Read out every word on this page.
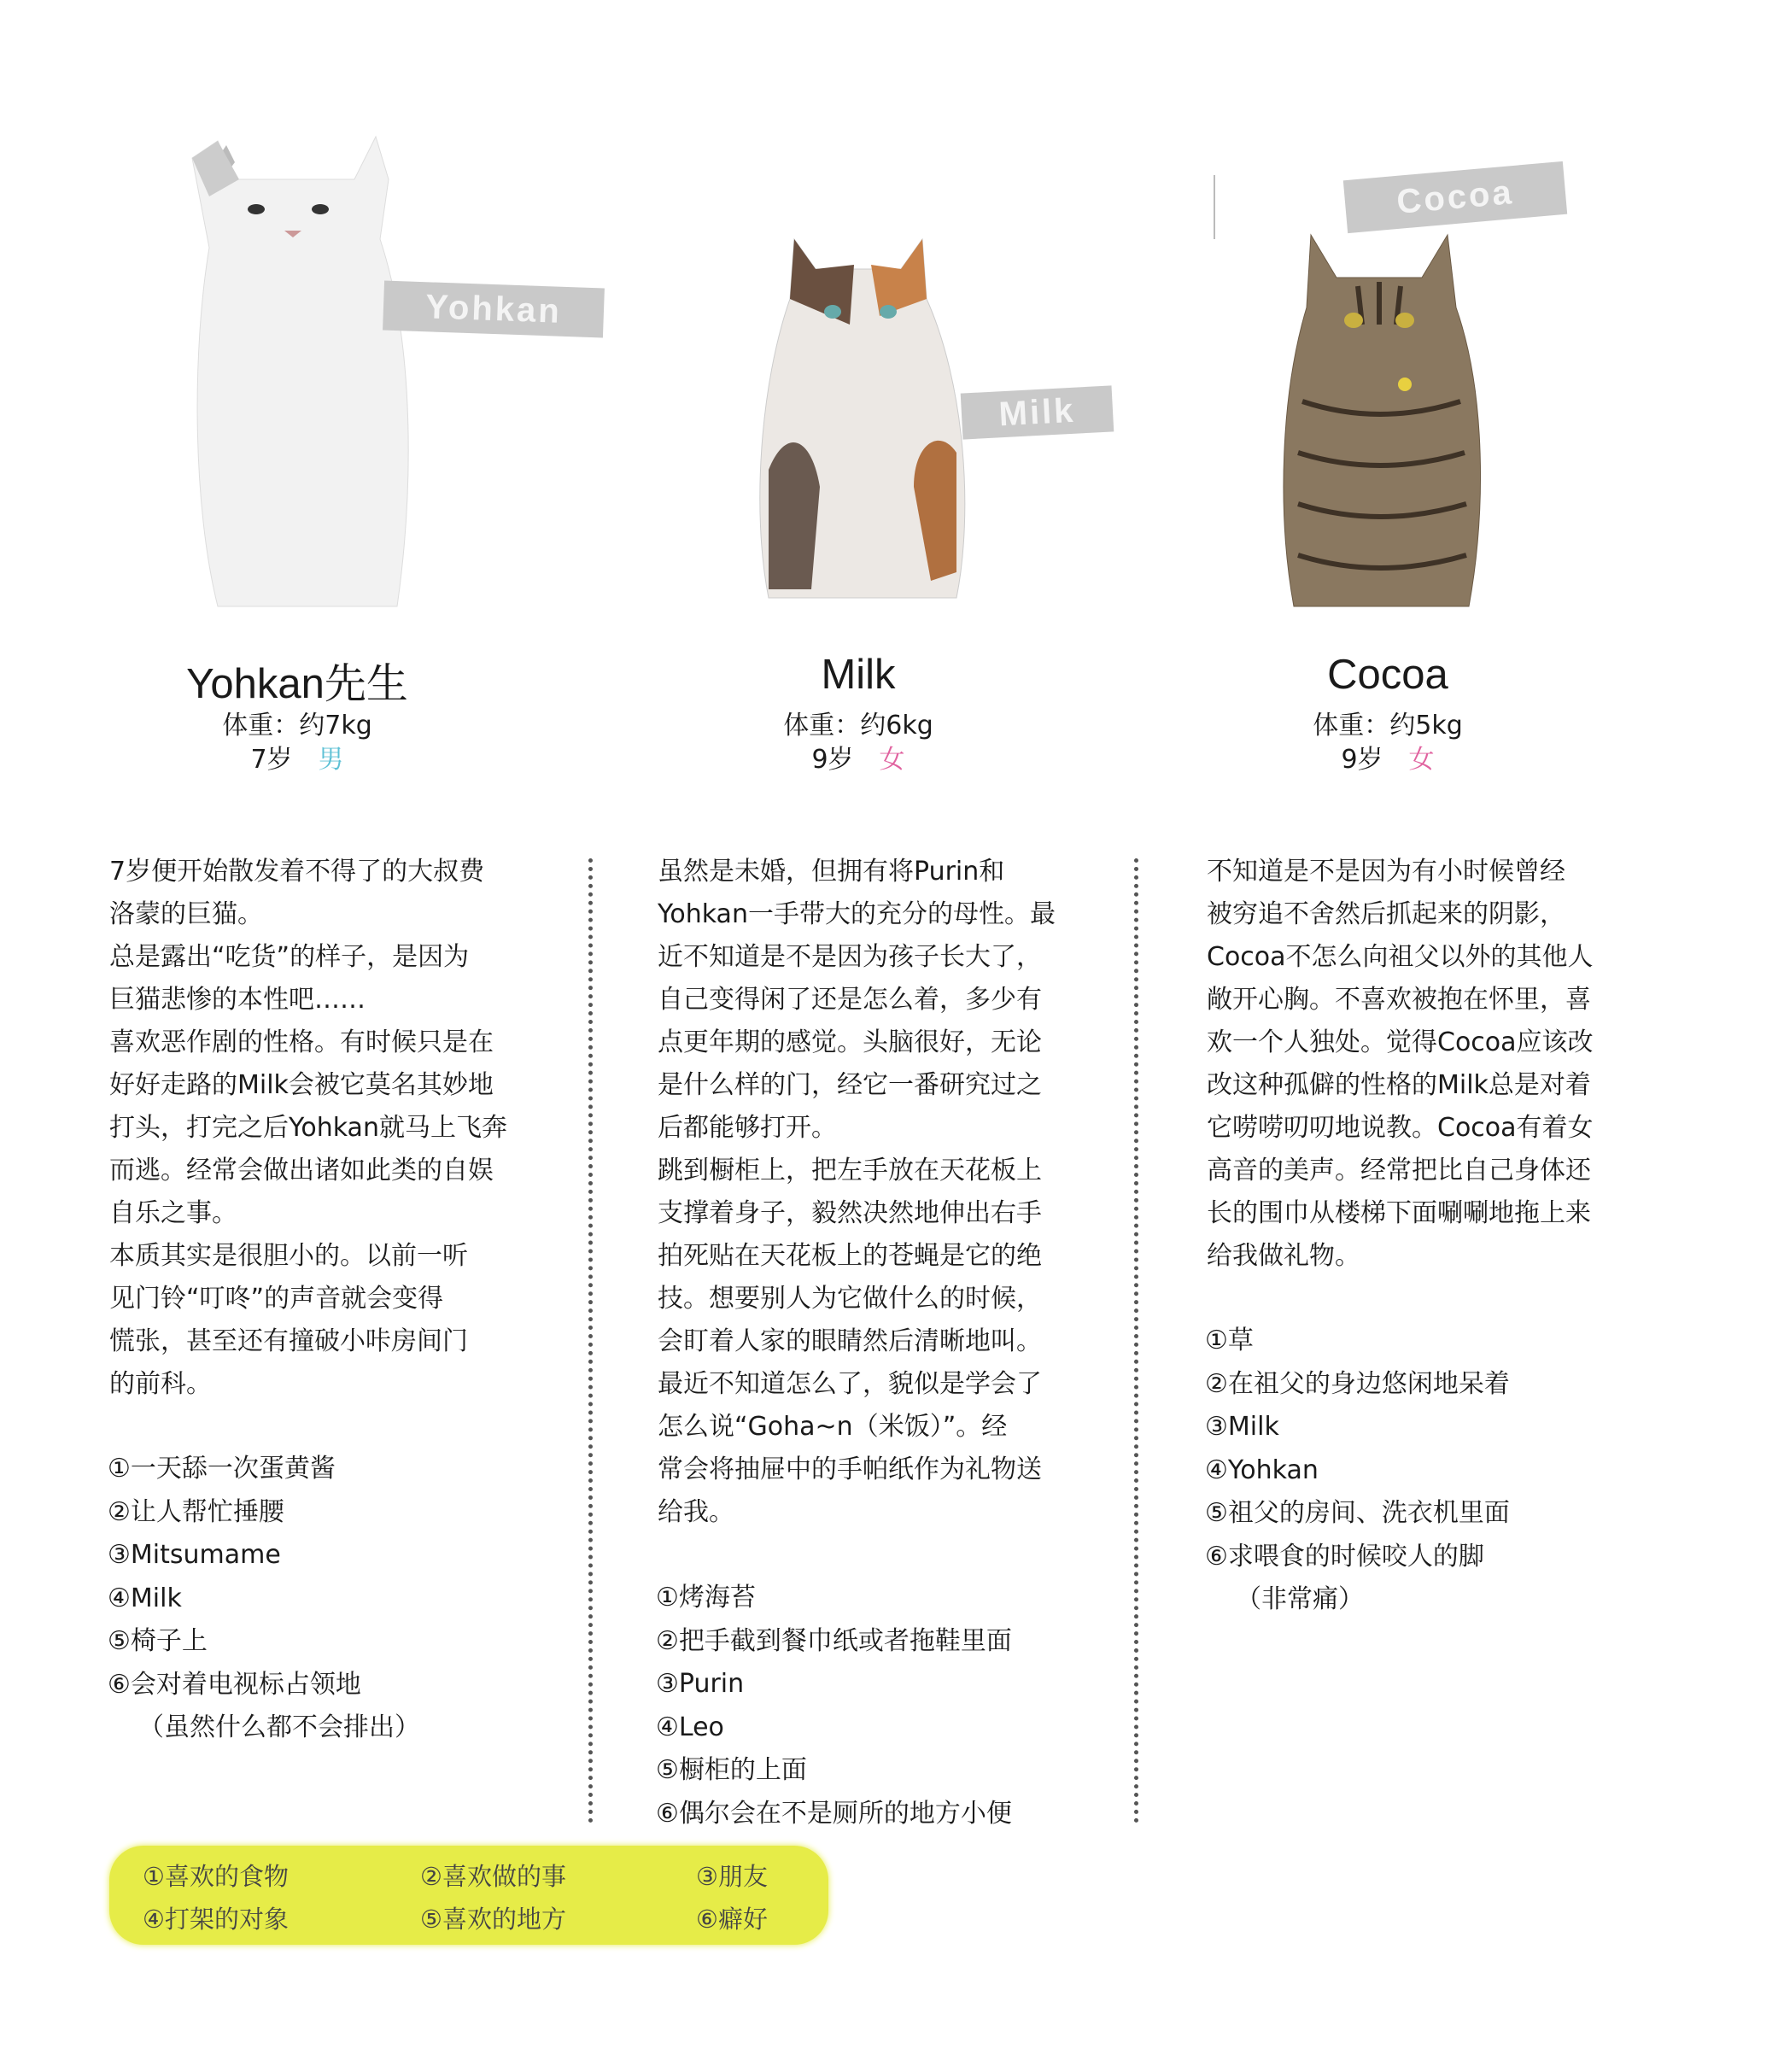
Yohkan
Milk
Cocoa
Yohkan先生	Milk	Cocoa
体重：约7kg
7岁  男
体重：约6kg
9岁  女
体重：约5kg
9岁  女
7岁便开始散发着不得了的大叔费
洛蒙的巨猫。
总是露出“吃货”的样子，是因为
巨猫悲惨的本性吧……
喜欢恶作剧的性格。有时候只是在
好好走路的Milk会被它莫名其妙地
打头，打完之后Yohkan就马上飞奔
而逃。经常会做出诸如此类的自娱
自乐之事。
本质其实是很胆小的。以前一听
见门铃“叮咚”的声音就会变得
慌张，甚至还有撞破小咔房间门
的前科。
虽然是未婚，但拥有将Purin和
Yohkan一手带大的充分的母性。最
近不知道是不是因为孩子长大了，
自己变得闲了还是怎么着，多少有
点更年期的感觉。头脑很好，无论
是什么样的门，经它一番研究过之
后都能够打开。
跳到橱柜上，把左手放在天花板上
支撑着身子，毅然决然地伸出右手
拍死贴在天花板上的苍蝇是它的绝
技。想要别人为它做什么的时候，
会盯着人家的眼睛然后清晰地叫。
最近不知道怎么了，貌似是学会了
怎么说“Goha~n（米饭）”。经
常会将抽屉中的手帕纸作为礼物送
给我。
不知道是不是因为有小时候曾经
被穷追不舍然后抓起来的阴影，
Cocoa不怎么向祖父以外的其他人
敞开心胸。不喜欢被抱在怀里，喜
欢一个人独处。觉得Cocoa应该改
改这种孤僻的性格的Milk总是对着
它唠唠叨叨地说教。Cocoa有着女
高音的美声。经常把比自己身体还
长的围巾从楼梯下面唰唰地拖上来
给我做礼物。
①一天舔一次蛋黄酱
②让人帮忙捶腰
③Mitsumame
④Milk
⑤椅子上
⑥会对着电视标占领地
（虽然什么都不会排出）
①烤海苔
②把手截到餐巾纸或者拖鞋里面
③Purin
④Leo
⑤橱柜的上面
⑥偶尔会在不是厕所的地方小便
①草
②在祖父的身边悠闲地呆着
③Milk
④Yohkan
⑤祖父的房间、洗衣机里面
⑥求喂食的时候咬人的脚
（非常痛）
①喜欢的食物	②喜欢做的事	③朋友
④打架的对象	⑤喜欢的地方	⑥癖好
